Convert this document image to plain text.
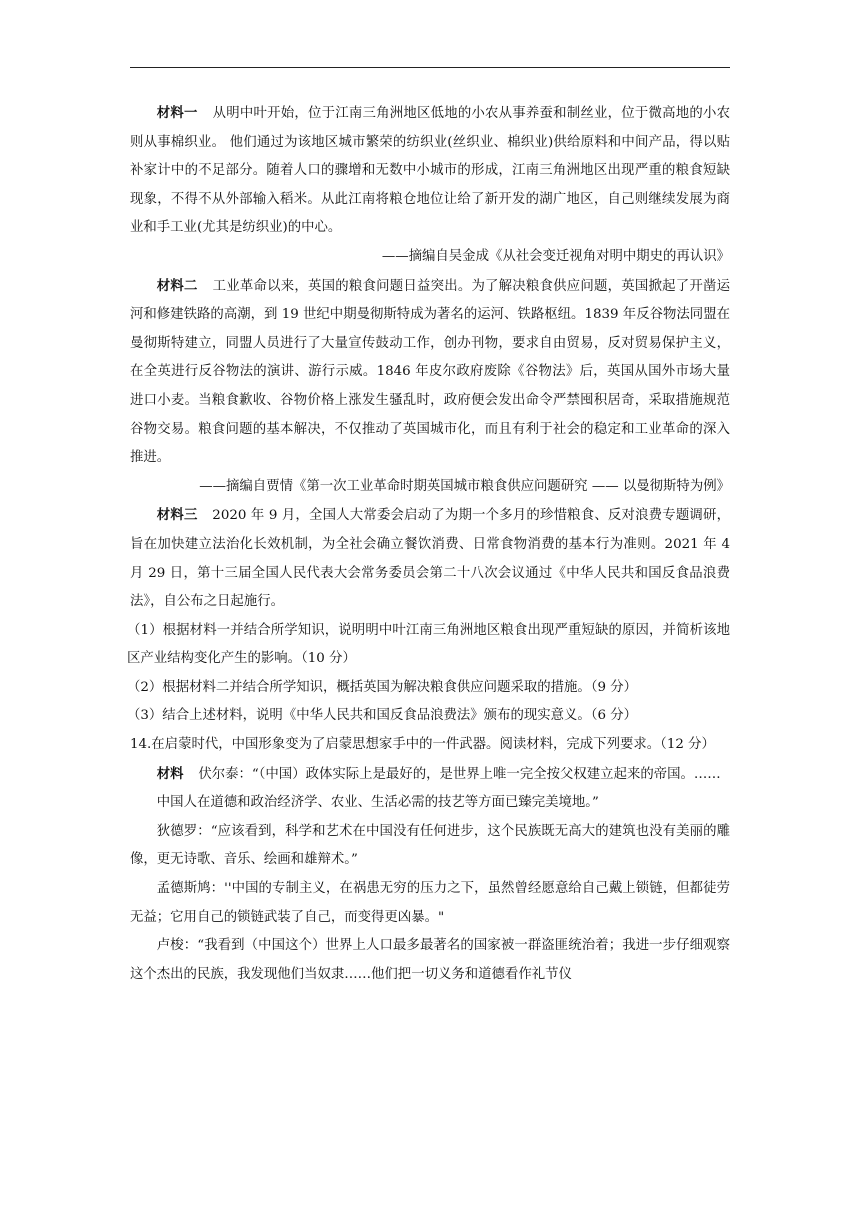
材料一 从明中叶开始，位于江南三角洲地区低地的小农从事养蚕和制丝业，位于微高地的小农则从事棉织业。 他们通过为该地区城市繁荣的纺织业(丝织业、棉织业)供给原料和中间产品，得以贴补家计中的不足部分。随着人口的骤增和无数中小城市的形成，江南三角洲地区出现严重的粮食短缺现象，不得不从外部输入稻米。从此江南将粮仓地位让给了新开发的湖广地区，自己则继续发展为商业和手工业(尤其是纺织业)的中心。

——摘编自吴金成《从社会变迁视角对明中期史的再认识》

材料二 工业革命以来，英国的粮食问题日益突出。为了解决粮食供应问题，英国掀起了开凿运河和修建铁路的高潮，到 19 世纪中期曼彻斯特成为著名的运河、铁路枢纽。1839 年反谷物法同盟在曼彻斯特建立，同盟人员进行了大量宣传鼓动工作，创办刊物，要求自由贸易，反对贸易保护主义，在全英进行反谷物法的演讲、游行示威。1846 年皮尔政府废除《谷物法》后，英国从国外市场大量进口小麦。当粮食歉收、谷物价格上涨发生骚乱时，政府便会发出命令严禁囤积居奇，采取措施规范谷物交易。粮食问题的基本解决，不仅推动了英国城市化，而且有利于社会的稳定和工业革命的深入推进。

——摘编自贾情《第一次工业革命时期英国城市粮食供应问题研究 —— 以曼彻斯特为例》

材料三 2020 年 9 月，全国人大常委会启动了为期一个多月的珍惜粮食、反对浪费专题调研，旨在加快建立法治化长效机制，为全社会确立餐饮消费、日常食物消费的基本行为准则。2021 年 4 月 29 日，第十三届全国人民代表大会常务委员会第二十八次会议通过《中华人民共和国反食品浪费法》，自公布之日起施行。

（1）根据材料一并结合所学知识，说明明中叶江南三角洲地区粮食出现严重短缺的原因，并简析该地区产业结构变化产生的影响。（10 分）

（2）根据材料二并结合所学知识，概括英国为解决粮食供应问题采取的措施。（9 分）

（3）结合上述材料，说明《中华人民共和国反食品浪费法》颁布的现实意义。（6 分）

14.在启蒙时代，中国形象变为了启蒙思想家手中的一件武器。阅读材料，完成下列要求。（12 分）

材料 伏尔泰：“（中国）政体实际上是最好的，是世界上唯一完全按父权建立起来的帝国。……

中国人在道德和政治经济学、农业、生活必需的技艺等方面已臻完美境地。”

狄德罗：“应该看到，科学和艺术在中国没有任何进步，这个民族既无高大的建筑也没有美丽的雕像，更无诗歌、音乐、绘画和雄辩术。”

孟德斯鸠：''中国的专制主义，在祸患无穷的压力之下，虽然曾经愿意给自己戴上锁链，但都徒劳无益；它用自己的锁链武装了自己，而变得更凶暴。"

卢梭：“我看到（中国这个）世界上人口最多最著名的国家被一群盗匪统治着；我进一步仔细观察这个杰出的民族，我发现他们当奴隶……他们把一切义务和道德看作礼节仪
